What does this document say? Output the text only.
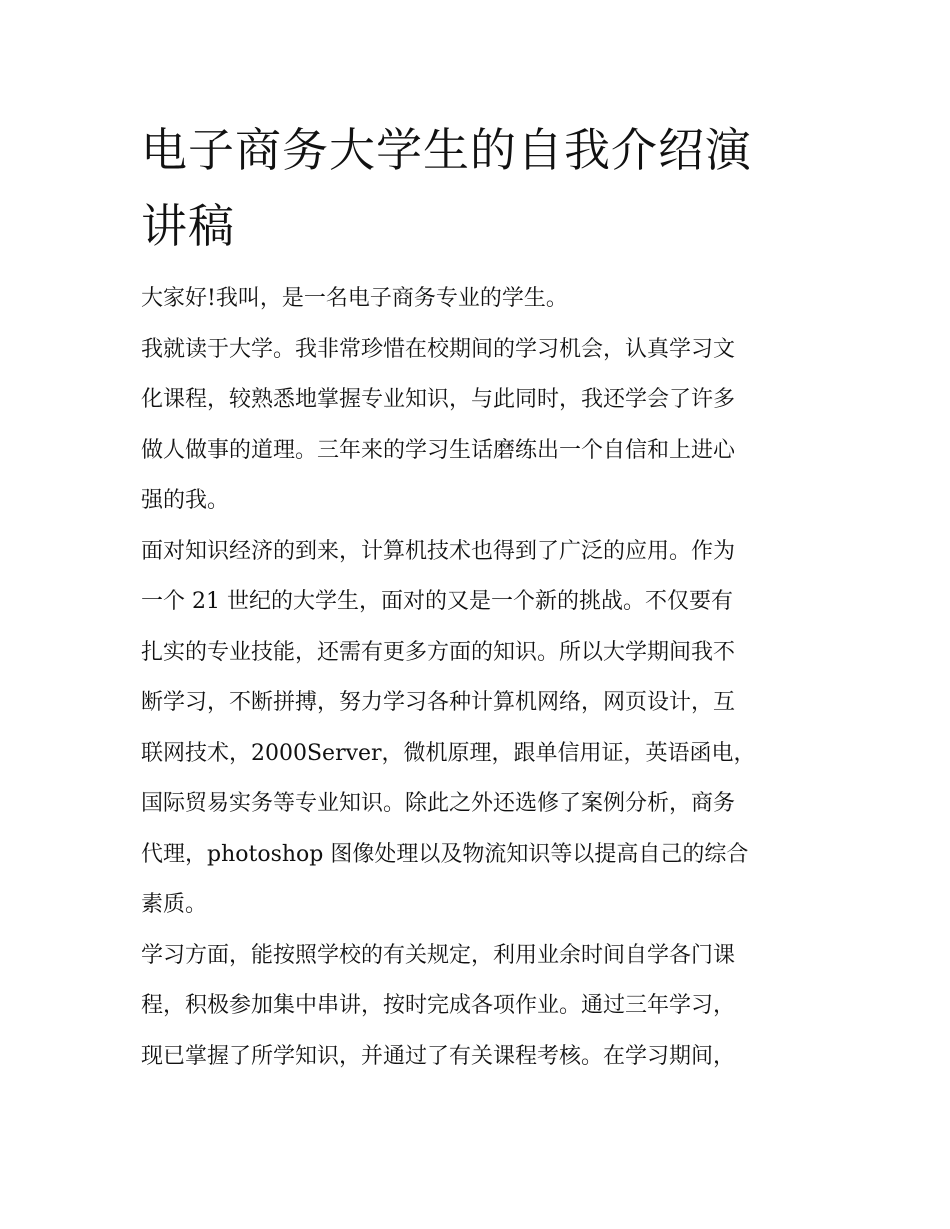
电子商务大学生的自我介绍演
讲稿

大家好!我叫，是一名电子商务专业的学生。

我就读于大学。我非常珍惜在校期间的学习机会，认真学习文

化课程，较熟悉地掌握专业知识，与此同时，我还学会了许多

做人做事的道理。三年来的学习生话磨练出一个自信和上进心

强的我。

面对知识经济的到来，计算机技术也得到了广泛的应用。作为

一个 21 世纪的大学生，面对的又是一个新的挑战。不仅要有

扎实的专业技能，还需有更多方面的知识。所以大学期间我不

断学习，不断拼搏，努力学习各种计算机网络，网页设计，互

联网技术，2000Server，微机原理，跟单信用证，英语函电，

国际贸易实务等专业知识。除此之外还选修了案例分析，商务

代理，photoshop 图像处理以及物流知识等以提高自己的综合

素质。

学习方面，能按照学校的有关规定，利用业余时间自学各门课

程，积极参加集中串讲，按时完成各项作业。通过三年学习，

现已掌握了所学知识，并通过了有关课程考核。在学习期间，
